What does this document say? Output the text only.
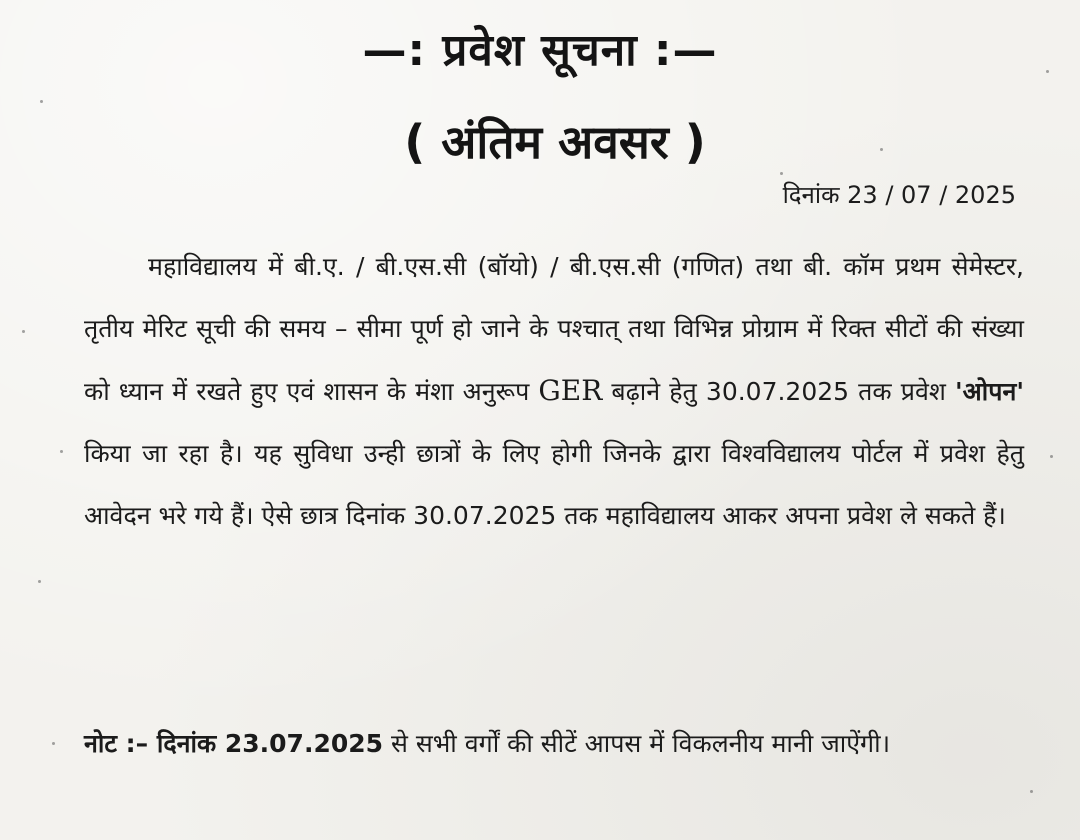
—: प्रवेश सूचना :—
( अंतिम अवसर )
दिनांक 23 / 07 / 2025
महाविद्यालय में बी.ए. / बी.एस.सी (बॉयो) / बी.एस.सी (गणित) तथा बी. कॉम प्रथम सेमेस्टर, तृतीय मेरिट सूची की समय – सीमा पूर्ण हो जाने के पश्चात् तथा विभिन्न प्रोग्राम में रिक्त सीटों की संख्या को ध्यान में रखते हुए एवं शासन के मंशा अनुरूप GER बढ़ाने हेतु 30.07.2025 तक प्रवेश 'ओपन' किया जा रहा है। यह सुविधा उन्ही छात्रों के लिए होगी जिनके द्वारा विश्वविद्यालय पोर्टल में प्रवेश हेतु आवेदन भरे गये हैं। ऐसे छात्र दिनांक 30.07.2025 तक महाविद्यालय आकर अपना प्रवेश ले सकते हैं।
नोट :– दिनांक 23.07.2025 से सभी वर्गों की सीटें आपस में विकलनीय मानी जाऐंगी।
